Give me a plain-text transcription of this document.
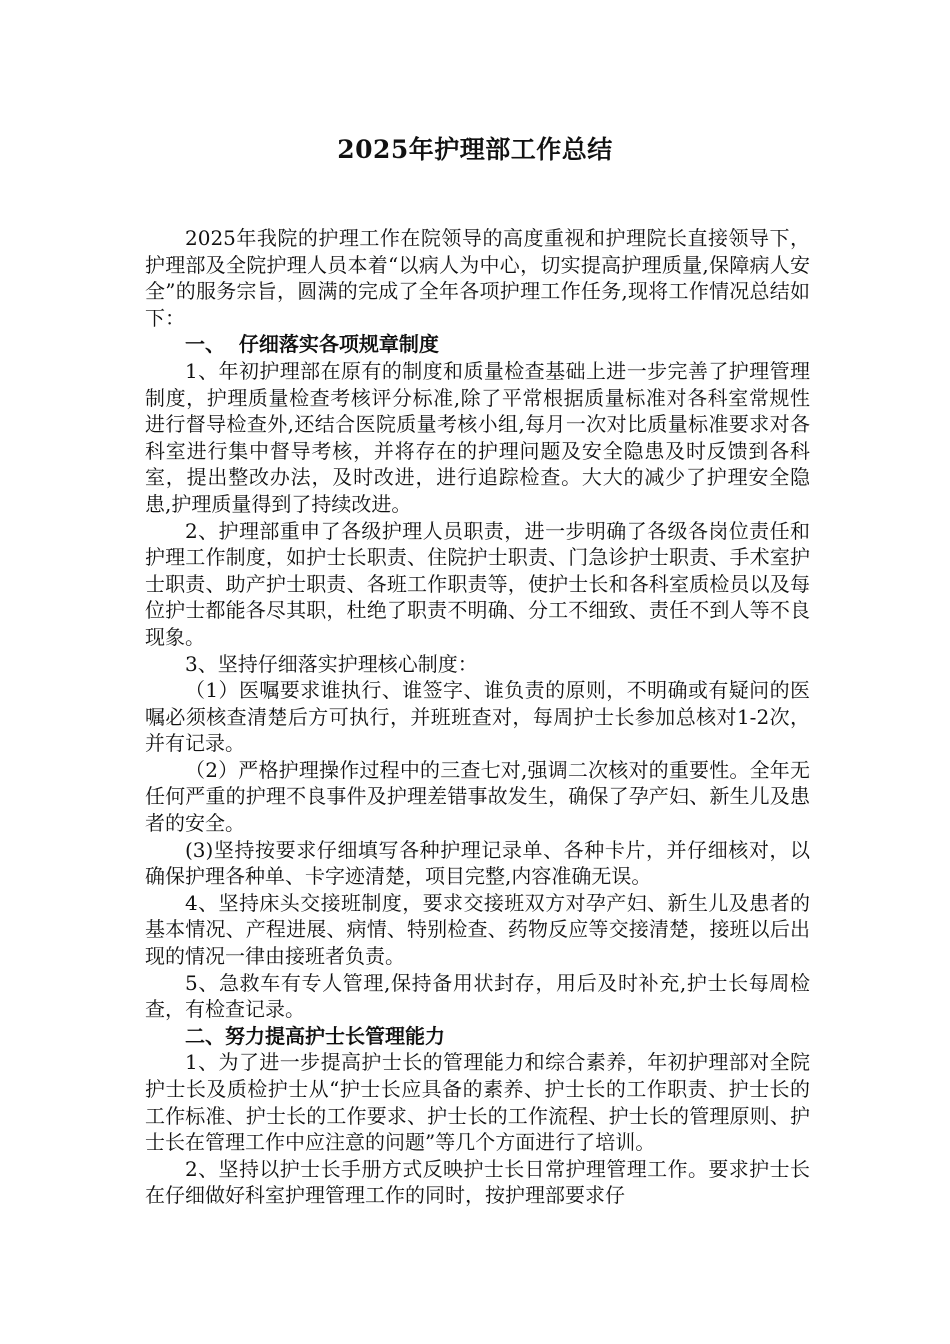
2025年护理部工作总结

2025年我院的护理工作在院领导的高度重视和护理院长直接领导下，护理部及全院护理人员本着“以病人为中心，切实提高护理质量,保障病人安全”的服务宗旨，圆满的完成了全年各项护理工作任务,现将工作情况总结如下：

一、  仔细落实各项规章制度

1、年初护理部在原有的制度和质量检查基础上进一步完善了护理管理制度，护理质量检查考核评分标准,除了平常根据质量标准对各科室常规性进行督导检查外,还结合医院质量考核小组,每月一次对比质量标准要求对各科室进行集中督导考核，并将存在的护理问题及安全隐患及时反馈到各科室，提出整改办法，及时改进，进行追踪检查。大大的减少了护理安全隐患,护理质量得到了持续改进。

2、护理部重申了各级护理人员职责，进一步明确了各级各岗位责任和护理工作制度，如护士长职责、住院护士职责、门急诊护士职责、手术室护士职责、助产护士职责、各班工作职责等，使护士长和各科室质检员以及每位护士都能各尽其职，杜绝了职责不明确、分工不细致、责任不到人等不良现象。

3、坚持仔细落实护理核心制度：

（1）医嘱要求谁执行、谁签字、谁负责的原则，不明确或有疑问的医嘱必须核查清楚后方可执行，并班班查对，每周护士长参加总核对1-2次，并有记录。

（2）严格护理操作过程中的三查七对,强调二次核对的重要性。全年无任何严重的护理不良事件及护理差错事故发生，确保了孕产妇、新生儿及患者的安全。

(3)坚持按要求仔细填写各种护理记录单、各种卡片，并仔细核对，以确保护理各种单、卡字迹清楚，项目完整,内容准确无误。

4、坚持床头交接班制度，要求交接班双方对孕产妇、新生儿及患者的基本情况、产程进展、病情、特别检查、药物反应等交接清楚，接班以后出现的情况一律由接班者负责。

5、急救车有专人管理,保持备用状封存，用后及时补充,护士长每周检查，有检查记录。

二、努力提高护士长管理能力

1、为了进一步提高护士长的管理能力和综合素养，年初护理部对全院护士长及质检护士从“护士长应具备的素养、护士长的工作职责、护士长的工作标准、护士长的工作要求、护士长的工作流程、护士长的管理原则、护士长在管理工作中应注意的问题”等几个方面进行了培训。

2、坚持以护士长手册方式反映护士长日常护理管理工作。要求护士长在仔细做好科室护理管理工作的同时，按护理部要求仔
